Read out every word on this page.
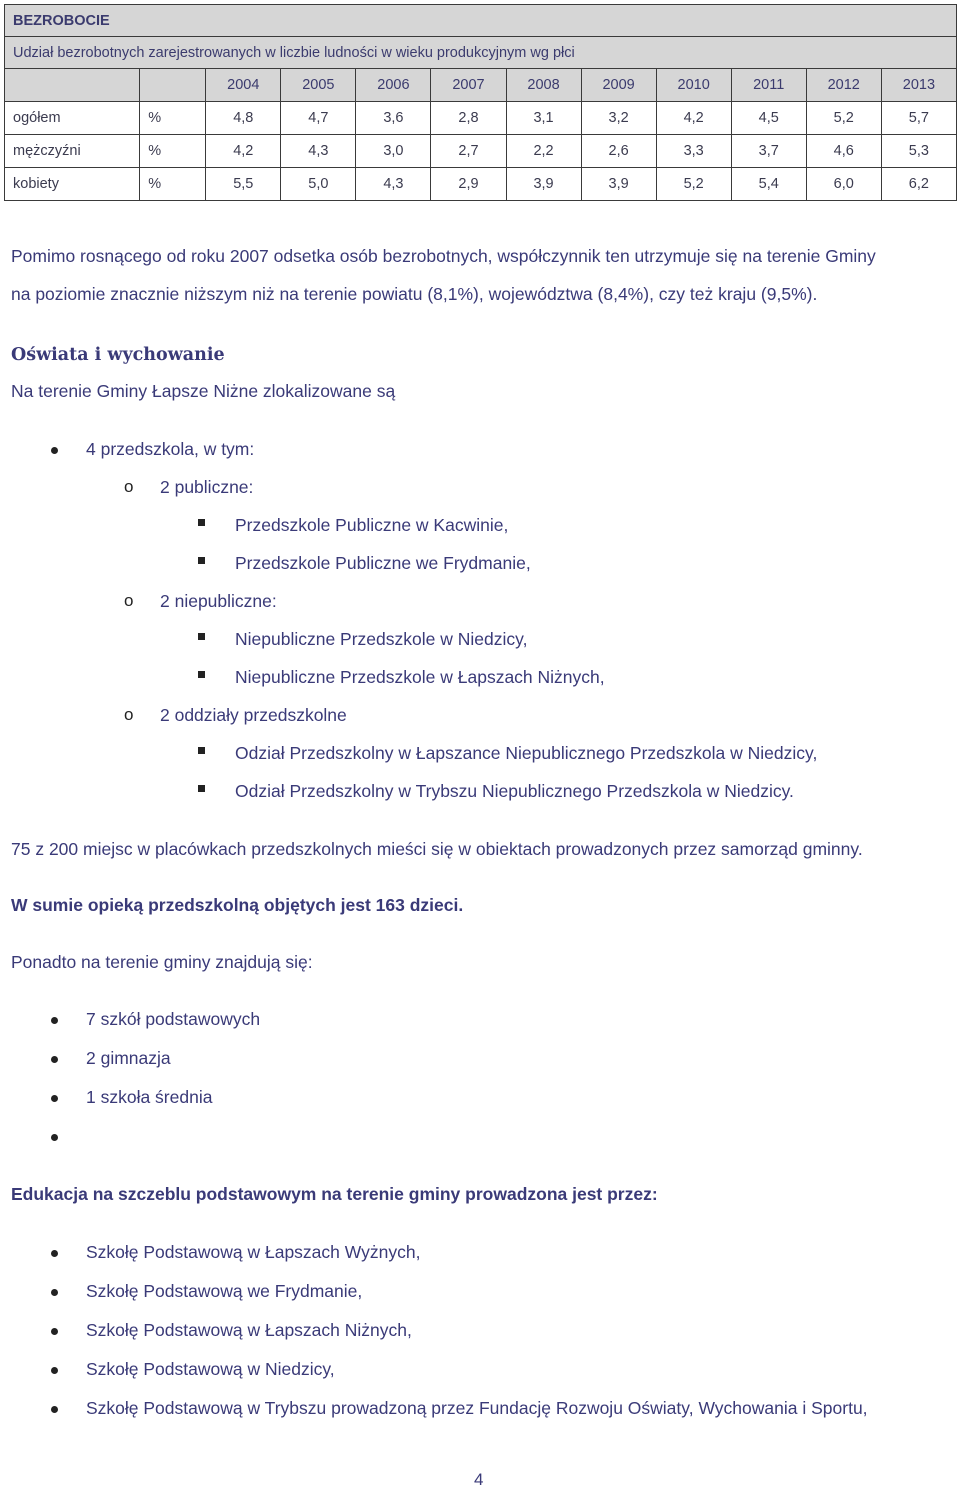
BEZROBOCIE											
Udział bezrobotnych zarejestrowanych w liczbie ludności w wieku produkcyjnym wg płci											
		2004	2005	2006	2007	2008	2009	2010	2011	2012	2013
ogółem	%	4,8	4,7	3,6	2,8	3,1	3,2	4,2	4,5	5,2	5,7
mężczyźni	%	4,2	4,3	3,0	2,7	2,2	2,6	3,3	3,7	4,6	5,3
kobiety	%	5,5	5,0	4,3	2,9	3,9	3,9	5,2	5,4	6,0	6,2
Pomimo rosnącego od roku 2007 odsetka osób bezrobotnych, współczynnik ten utrzymuje się na terenie Gminy
na poziomie znacznie niższym niż na terenie powiatu (8,1%), województwa (8,4%), czy też kraju (9,5%).
Oświata i wychowanie
Na terenie Gminy Łapsze Niżne zlokalizowane są
4 przedszkola, w tym:
o 2 publiczne:
Przedszkole Publiczne w Kacwinie,
Przedszkole Publiczne we Frydmanie,
o 2 niepubliczne:
Niepubliczne Przedszkole w Niedzicy,
Niepubliczne Przedszkole w Łapszach Niżnych,
o 2 oddziały przedszkolne
Odział Przedszkolny w Łapszance Niepublicznego Przedszkola w Niedzicy,
Odział Przedszkolny w Trybszu Niepublicznego Przedszkola w Niedzicy.
75 z 200 miejsc w placówkach przedszkolnych mieści się w obiektach prowadzonych przez samorząd gminny.
W sumie opieką przedszkolną objętych jest 163 dzieci.
Ponadto na terenie gminy znajdują się:
7 szkół podstawowych
2 gimnazja
1 szkoła średnia
Edukacja na szczeblu podstawowym na terenie gminy prowadzona jest przez:
Szkołę Podstawową w Łapszach Wyżnych,
Szkołę Podstawową we Frydmanie,
Szkołę Podstawową w Łapszach Niżnych,
Szkołę Podstawową w Niedzicy,
Szkołę Podstawową w Trybszu prowadzoną przez Fundację Rozwoju Oświaty, Wychowania i Sportu,
4
